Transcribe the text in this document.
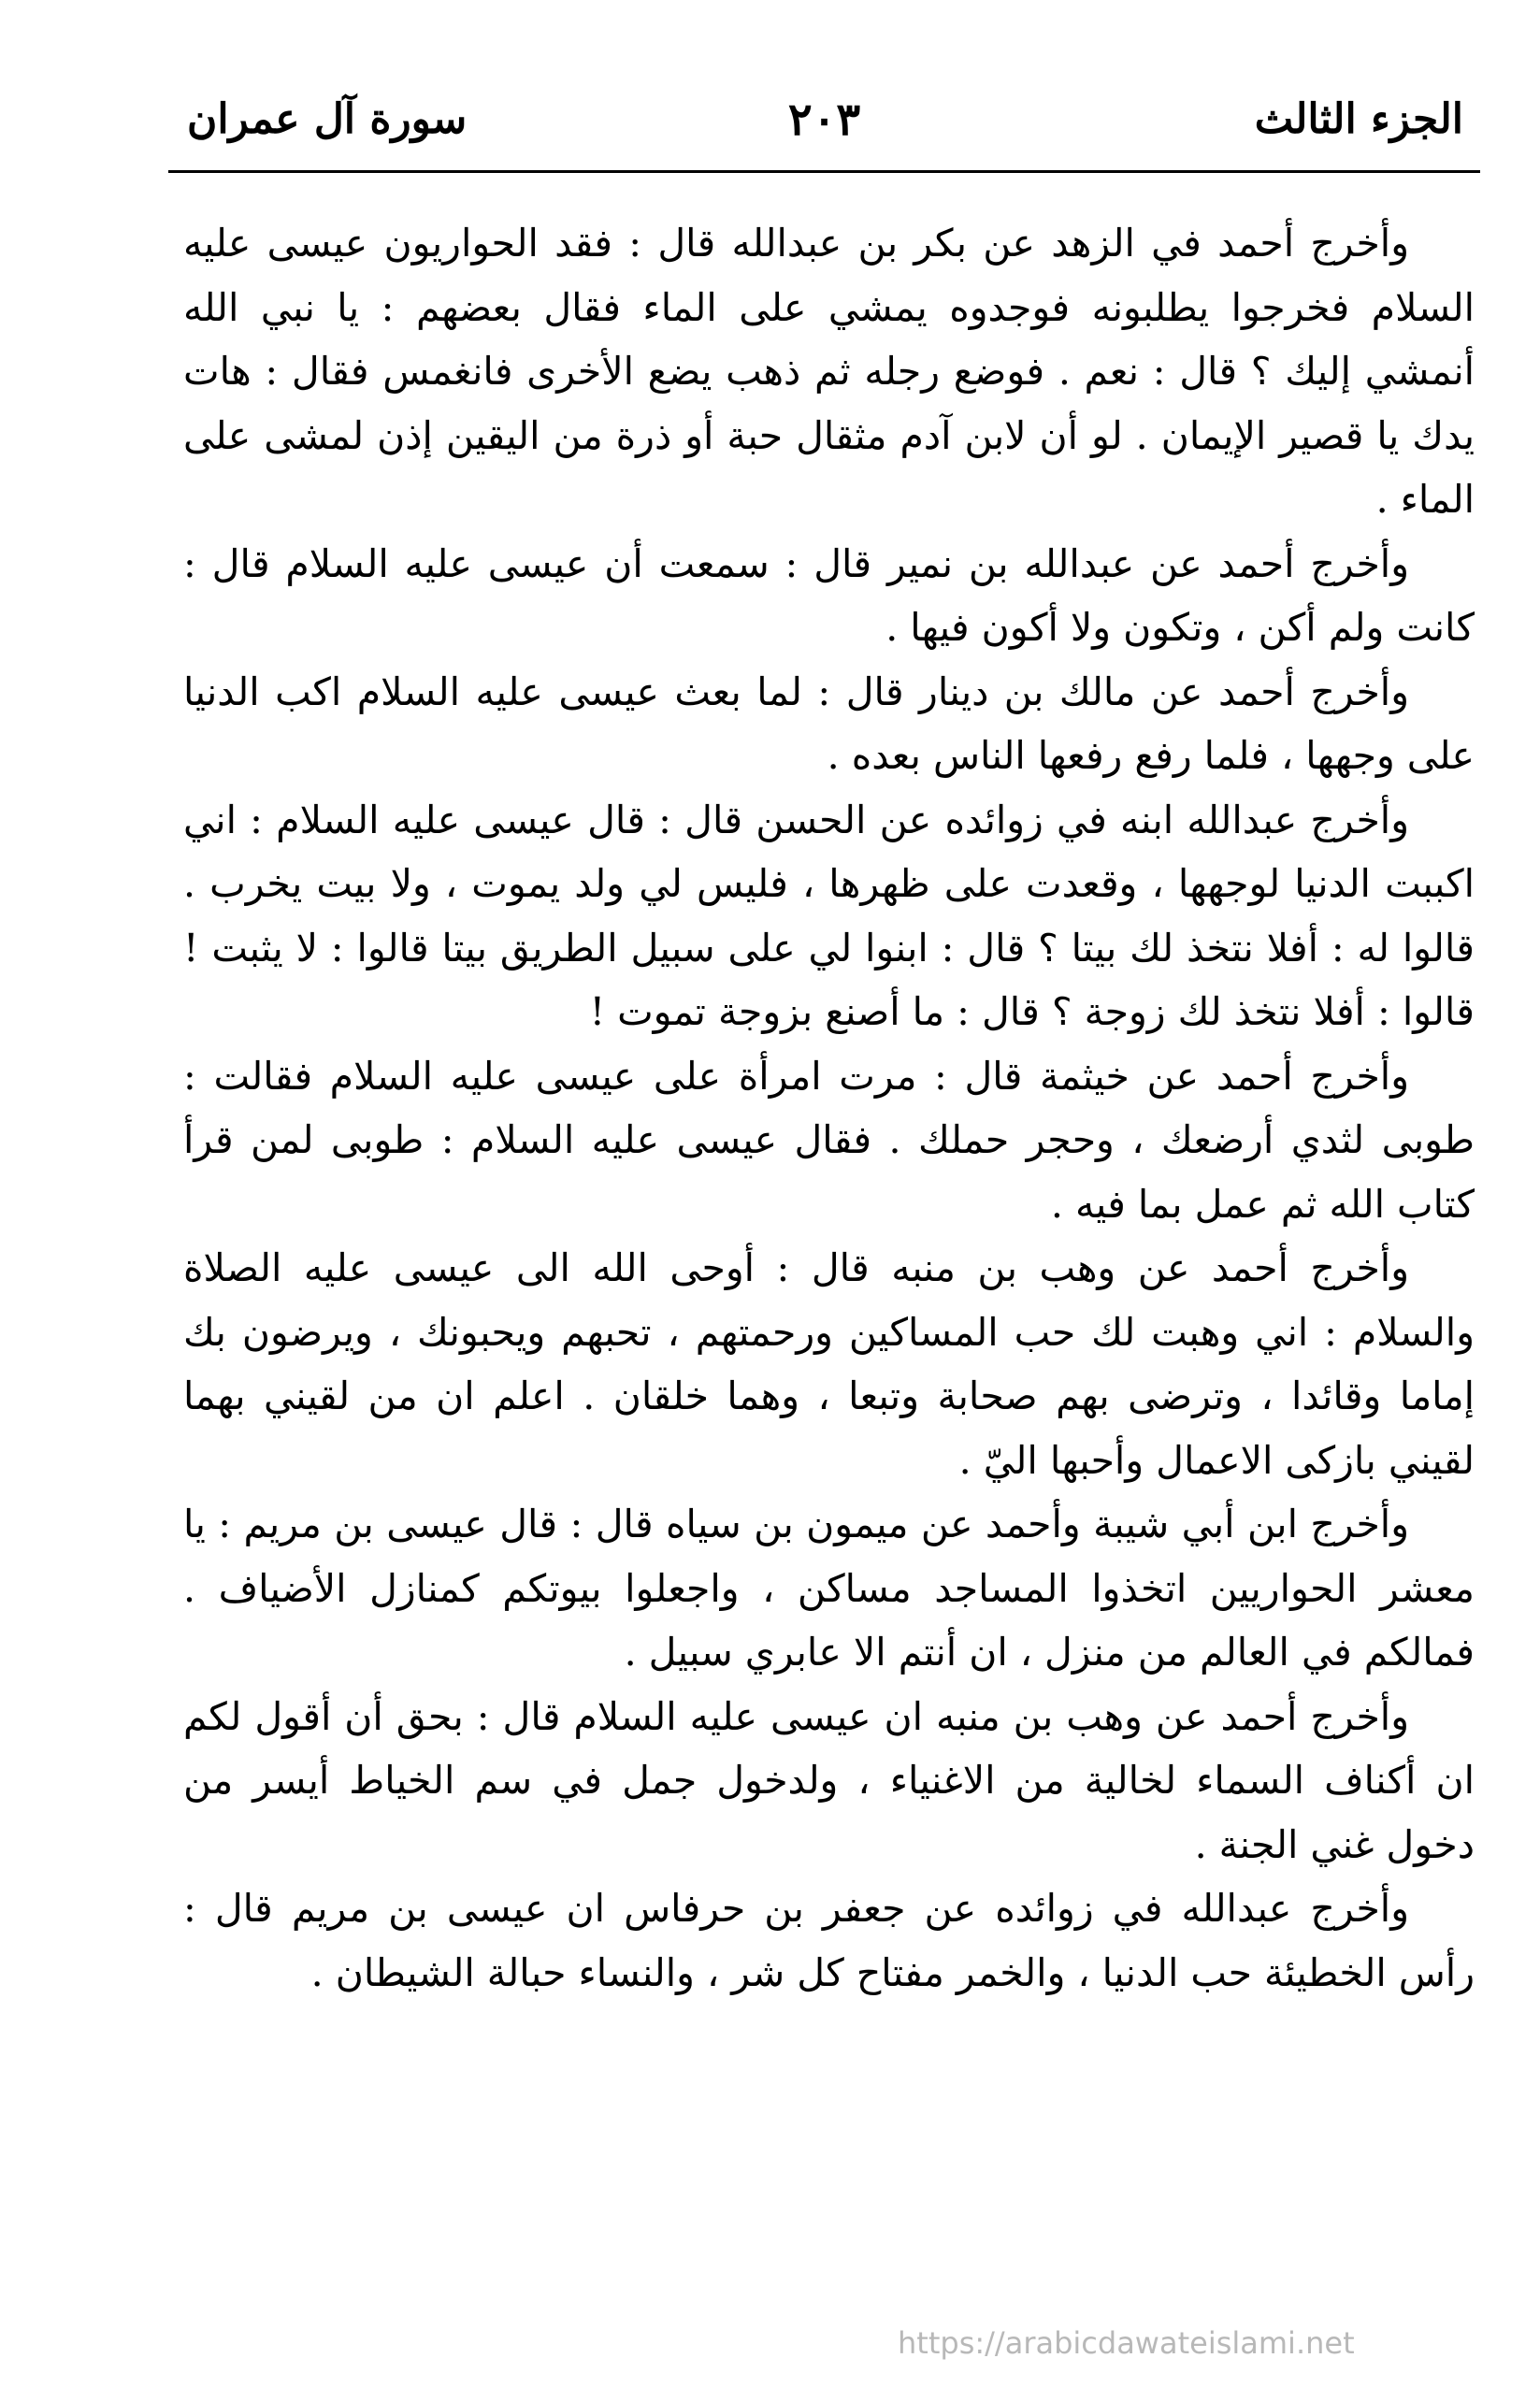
الجزء الثالث
٢٠٣
سورة آل عمران

وأخرج أحمد في الزهد عن بكر بن عبدالله قال : فقد الحواريون عيسى عليه السلام فخرجوا يطلبونه فوجدوه يمشي على الماء فقال بعضهم : يا نبي الله أنمشي إليك ؟ قال : نعم . فوضع رجله ثم ذهب يضع الأخرى فانغمس فقال : هات يدك يا قصير الإيمان . لو أن لابن آدم مثقال حبة أو ذرة من اليقين إذن لمشى على الماء .

وأخرج أحمد عن عبدالله بن نمير قال : سمعت أن عيسى عليه السلام قال : كانت ولم أكن ، وتكون ولا أكون فيها .

وأخرج أحمد عن مالك بن دينار قال : لما بعث عيسى عليه السلام اكب الدنيا على وجهها ، فلما رفع رفعها الناس بعده .

وأخرج عبدالله ابنه في زوائده عن الحسن قال : قال عيسى عليه السلام : اني اكببت الدنيا لوجهها ، وقعدت على ظهرها ، فليس لي ولد يموت ، ولا بيت يخرب . قالوا له : أفلا نتخذ لك بيتا ؟ قال : ابنوا لي على سبيل الطريق بيتا قالوا : لا يثبت ! قالوا : أفلا نتخذ لك زوجة ؟ قال : ما أصنع بزوجة تموت !

وأخرج أحمد عن خيثمة قال : مرت امرأة على عيسى عليه السلام فقالت : طوبى لثدي أرضعك ، وحجر حملك . فقال عيسى عليه السلام : طوبى لمن قرأ كتاب الله ثم عمل بما فيه .

وأخرج أحمد عن وهب بن منبه قال : أوحى الله الى عيسى عليه الصلاة والسلام : اني وهبت لك حب المساكين ورحمتهم ، تحبهم ويحبونك ، ويرضون بك إماما وقائدا ، وترضى بهم صحابة وتبعا ، وهما خلقان . اعلم ان من لقيني بهما لقيني بازكى الاعمال وأحبها اليّ .

وأخرج ابن أبي شيبة وأحمد عن ميمون بن سياه قال : قال عيسى بن مريم : يا معشر الحواريين اتخذوا المساجد مساكن ، واجعلوا بيوتكم كمنازل الأضياف . فمالكم في العالم من منزل ، ان أنتم الا عابري سبيل .

وأخرج أحمد عن وهب بن منبه ان عيسى عليه السلام قال : بحق أن أقول لكم ان أكناف السماء لخالية من الاغنياء ، ولدخول جمل في سم الخياط أيسر من دخول غني الجنة .

وأخرج عبدالله في زوائده عن جعفر بن حرفاس ان عيسى بن مريم قال : رأس الخطيئة حب الدنيا ، والخمر مفتاح كل شر ، والنساء حبالة الشيطان .

https://arabicdawateislami.net
